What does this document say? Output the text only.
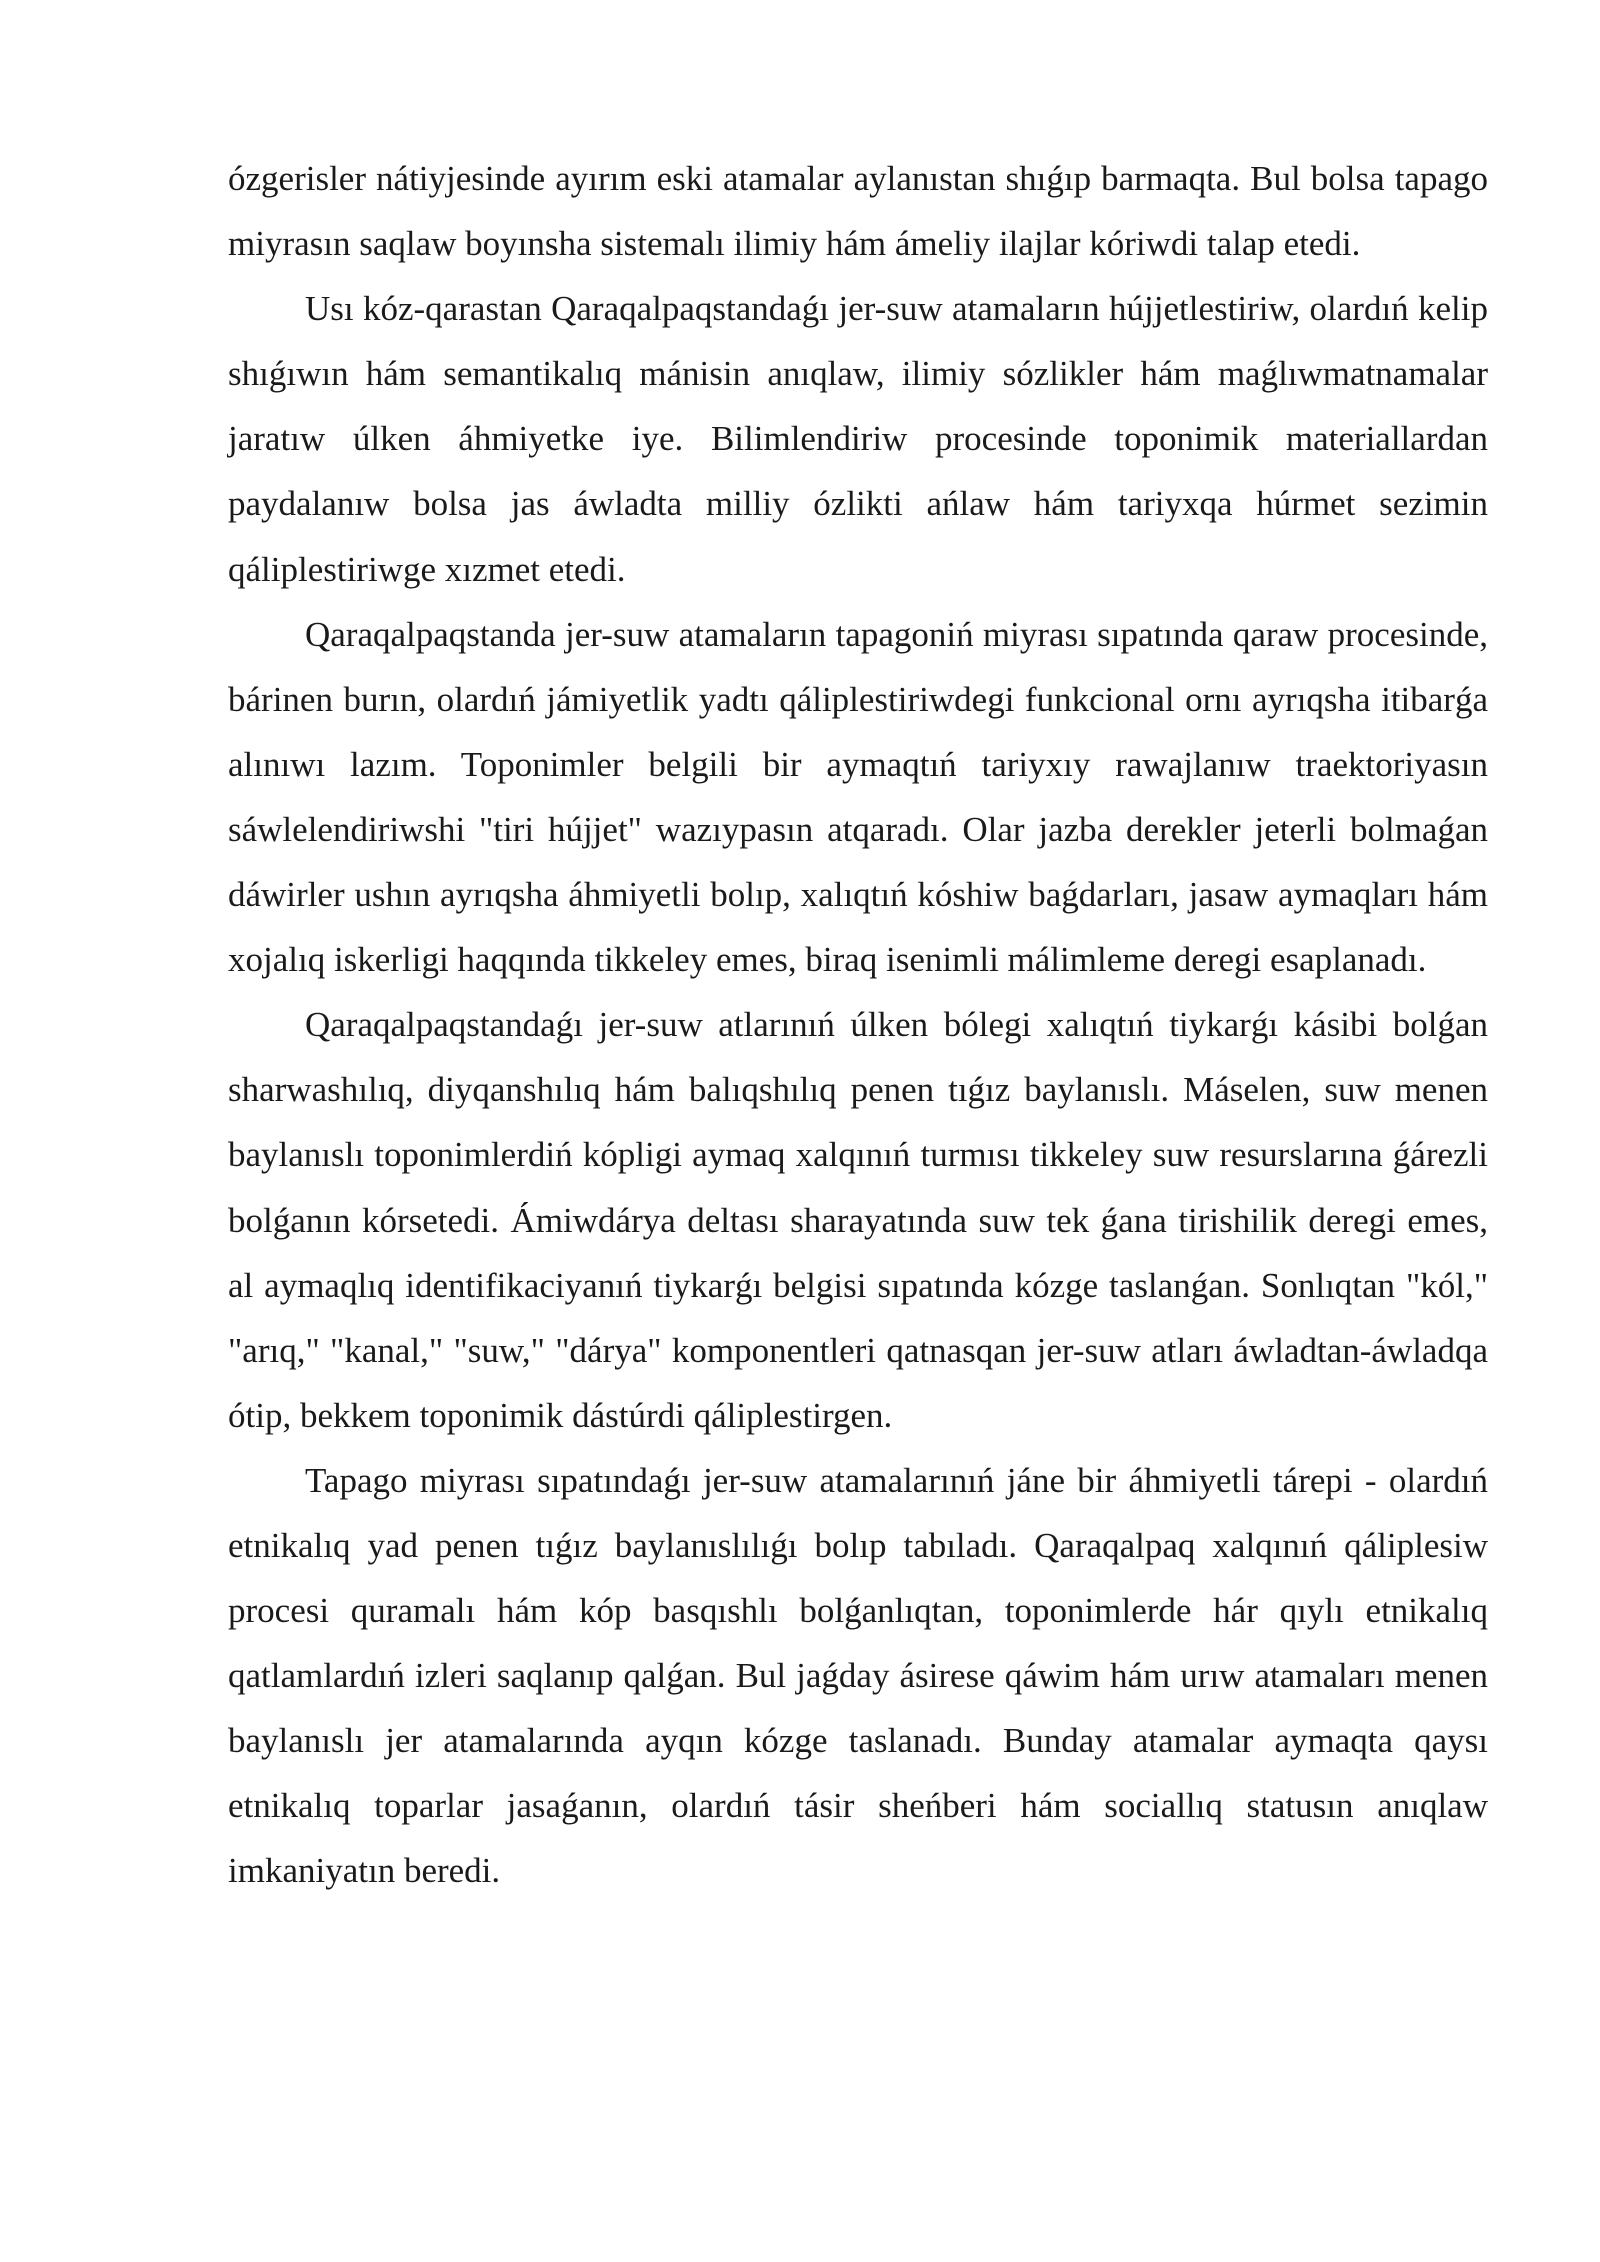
ózgerisler nátiyjesinde ayırım eski atamalar aylanıstan shıǵıp barmaqta. Bul bolsa tapago miyrasın saqlaw boyınsha sistemalı ilimiy hám ámeliy ilajlar kóriwdi talap etedi.

Usı kóz-qarastan Qaraqalpaqstandaǵı jer-suw atamaların hújjetlestiriw, olardıń kelip shıǵıwın hám semantikalıq mánisin anıqlaw, ilimiy sózlikler hám maǵlıwmatnamalar jaratıw úlken áhmiyetke iye. Bilimlendiriw procesinde toponimik materiallardan paydalanıw bolsa jas áwladta milliy ózlikti ańlaw hám tariyxqa húrmet sezimin qáliplestiriwge xızmet etedi.

Qaraqalpaqstanda jer-suw atamaların tapagoniń miyrası sıpatında qaraw procesinde, bárinen burın, olardıń jámiyetlik yadtı qáliplestiriwdegi funkcional ornı ayrıqsha itibarǵa alınıwı lazım. Toponimler belgili bir aymaqtıń tariyxıy rawajlanıw traektoriyasın sáwlelendiriwshi "tiri hújjet" wazıypasın atqaradı. Olar jazba derekler jeterli bolmaǵan dáwirler ushın ayrıqsha áhmiyetli bolıp, xalıqtıń kóshiw baǵdarları, jasaw aymaqları hám xojalıq iskerligi haqqında tikkeley emes, biraq isenimli málimleme deregi esaplanadı.

Qaraqalpaqstandaǵı jer-suw atlarınıń úlken bólegi xalıqtıń tiykarǵı kásibi bolǵan sharwashılıq, diyqanshılıq hám balıqshılıq penen tıǵız baylanıslı. Máselen, suw menen baylanıslı toponimlerdiń kópligi aymaq xalqınıń turmısı tikkeley suw resurslarına ǵárezli bolǵanın kórsetedi. Ámiwdárya deltası sharayatında suw tek ǵana tirishilik deregi emes, al aymaqlıq identifikaciyanıń tiykarǵı belgisi sıpatında kózge taslanǵan. Sonlıqtan "kól," "arıq," "kanal," "suw," "dárya" komponentleri qatnasqan jer-suw atları áwladtan-áwladqa ótip, bekkem toponimik dástúrdi qáliplestirgen.

Tapago miyrası sıpatındaǵı jer-suw atamalarınıń jáne bir áhmiyetli tárepi - olardıń etnikalıq yad penen tıǵız baylanıslılıǵı bolıp tabıladı. Qaraqalpaq xalqınıń qáliplesiw procesi quramalı hám kóp basqıshlı bolǵanlıqtan, toponimlerde hár qıylı etnikalıq qatlamlardıń izleri saqlanıp qalǵan. Bul jaǵday ásirese qáwim hám urıw atamaları menen baylanıslı jer atamalarında ayqın kózge taslanadı. Bunday atamalar aymaqta qaysı etnikalıq toparlar jasaǵanın, olardıń tásir sheńberi hám sociallıq statusın anıqlaw imkaniyatın beredi.
